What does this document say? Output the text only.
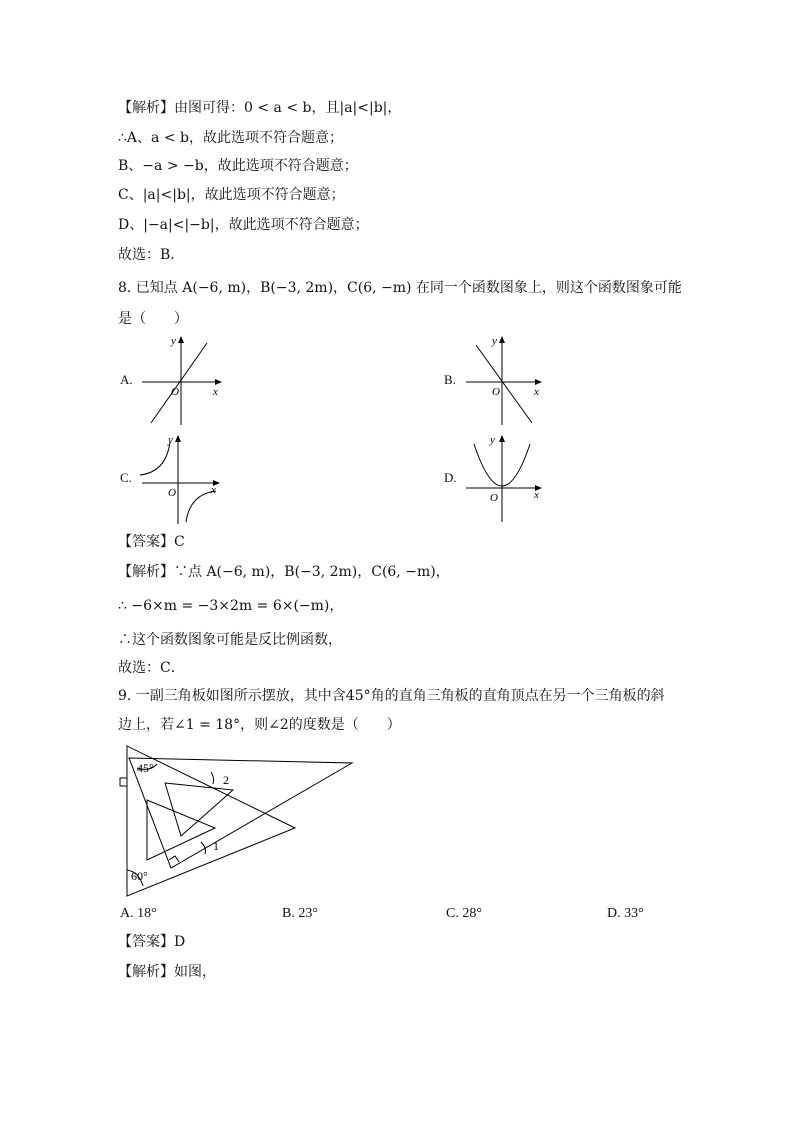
【解析】由图可得：0 < a < b，且|a|<|b|，
∴A、a < b，故此选项不符合题意；
B、−a > −b，故此选项不符合题意；
C、|a|<|b|，故此选项不符合题意；
D、|−a|<|−b|，故此选项不符合题意；
故选：B．
8. 已知点 A(−6, m)，B(−3, 2m)，C(6, −m) 在同一个函数图象上，则这个函数图象可能
是（　　）
A.
O	x
y
B.
O	x
y
C.
O	x
y
D.
O	x
y
【答案】C
【解析】∵点 A(−6, m)，B(−3, 2m)，C(6, −m)，
∴ −6×m = −3×2m = 6×(−m)，
∴这个函数图象可能是反比例函数，
故选：C．
9. 一副三角板如图所示摆放，其中含45°角的直角三角板的直角顶点在另一个三角板的斜
边上，若∠1 = 18°，则∠2的度数是（　　）
45°
60°
2
1
A. 18°	B. 23°	C. 28°	D. 33°
【答案】D
【解析】如图，
